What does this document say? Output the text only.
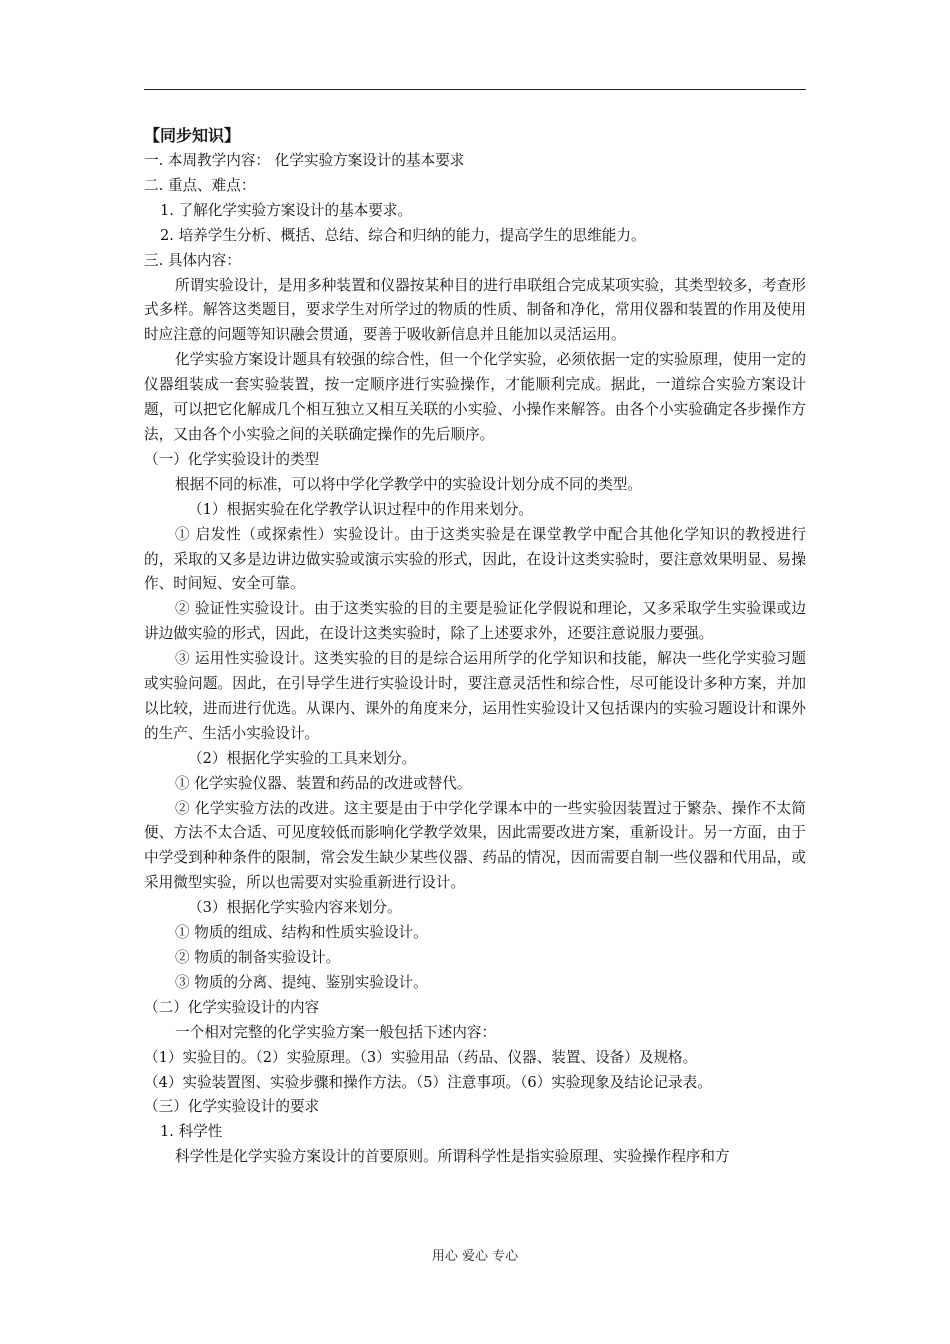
【同步知识】

一. 本周教学内容： 化学实验方案设计的基本要求

二. 重点、难点：

1. 了解化学实验方案设计的基本要求。

2. 培养学生分析、概括、总结、综合和归纳的能力，提高学生的思维能力。

三. 具体内容：

所谓实验设计，是用多种装置和仪器按某种目的进行串联组合完成某项实验，其类型较多，考查形式多样。解答这类题目，要求学生对所学过的物质的性质、制备和净化，常用仪器和装置的作用及使用时应注意的问题等知识融会贯通，要善于吸收新信息并且能加以灵活运用。

化学实验方案设计题具有较强的综合性，但一个化学实验，必须依据一定的实验原理，使用一定的仪器组装成一套实验装置，按一定顺序进行实验操作，才能顺利完成。据此，一道综合实验方案设计题，可以把它化解成几个相互独立又相互关联的小实验、小操作来解答。由各个小实验确定各步操作方法，又由各个小实验之间的关联确定操作的先后顺序。

（一）化学实验设计的类型

根据不同的标准，可以将中学化学教学中的实验设计划分成不同的类型。

（1）根据实验在化学教学认识过程中的作用来划分。

① 启发性（或探索性）实验设计。由于这类实验是在课堂教学中配合其他化学知识的教授进行的，采取的又多是边讲边做实验或演示实验的形式，因此，在设计这类实验时，要注意效果明显、易操作、时间短、安全可靠。

② 验证性实验设计。由于这类实验的目的主要是验证化学假说和理论，又多采取学生实验课或边讲边做实验的形式，因此，在设计这类实验时，除了上述要求外，还要注意说服力要强。

③ 运用性实验设计。这类实验的目的是综合运用所学的化学知识和技能，解决一些化学实验习题或实验问题。因此，在引导学生进行实验设计时，要注意灵活性和综合性，尽可能设计多种方案，并加以比较，进而进行优选。从课内、课外的角度来分，运用性实验设计又包括课内的实验习题设计和课外的生产、生活小实验设计。

（2）根据化学实验的工具来划分。

① 化学实验仪器、装置和药品的改进或替代。

② 化学实验方法的改进。这主要是由于中学化学课本中的一些实验因装置过于繁杂、操作不太简便、方法不太合适、可见度较低而影响化学教学效果，因此需要改进方案，重新设计。另一方面，由于中学受到种种条件的限制，常会发生缺少某些仪器、药品的情况，因而需要自制一些仪器和代用品，或采用微型实验，所以也需要对实验重新进行设计。

（3）根据化学实验内容来划分。

① 物质的组成、结构和性质实验设计。

② 物质的制备实验设计。

③ 物质的分离、提纯、鉴别实验设计。

（二）化学实验设计的内容

一个相对完整的化学实验方案一般包括下述内容：

（1）实验目的。（2）实验原理。（3）实验用品（药品、仪器、装置、设备）及规格。

（4）实验装置图、实验步骤和操作方法。（5）注意事项。（6）实验现象及结论记录表。

（三）化学实验设计的要求

1. 科学性

科学性是化学实验方案设计的首要原则。所谓科学性是指实验原理、实验操作程序和方

用心 爱心 专心
